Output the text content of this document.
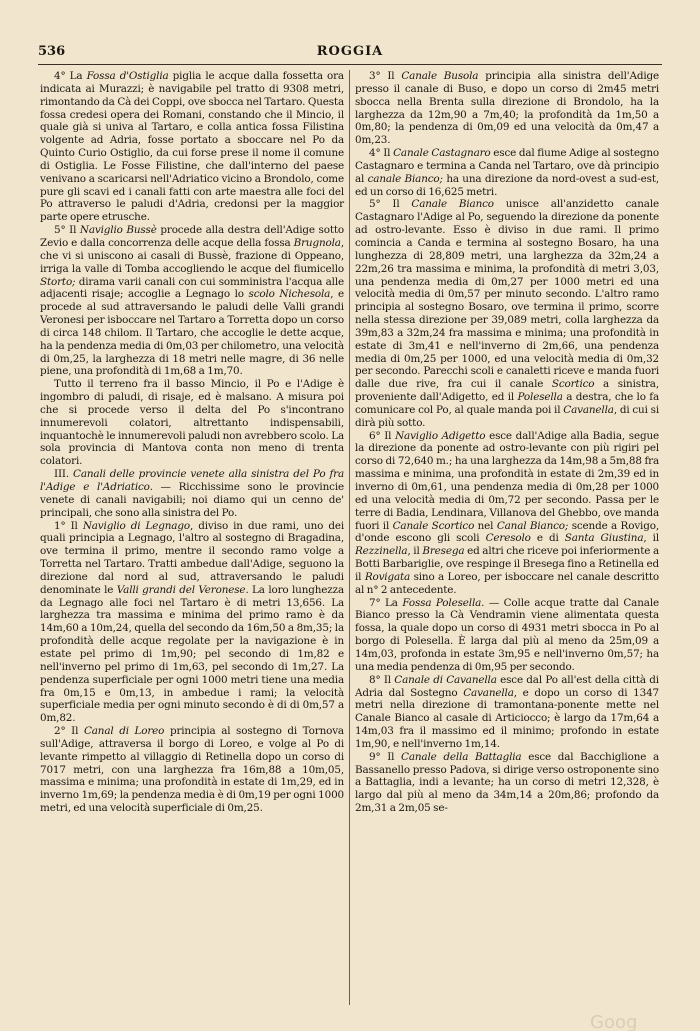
536	ROGGIA

4° La Fossa d'Ostiglia piglia le acque dalla fossetta ora indicata ai Murazzi; è navigabile pel tratto di 9308 metri, rimontando da Cà dei Coppi, ove sbocca nel Tartaro. Questa fossa credesi opera dei Romani, constando che il Mincio, il quale già si univa al Tartaro, e colla antica fossa Filistina volgente ad Adria, fosse portato a sboccare nel Po da Quinto Curio Ostiglio, da cui forse prese il nome il comune di Ostiglia. Le Fosse Filistine, che dall'interno del paese venivano a scaricarsi nell'Adriatico vicino a Brondolo, come pure gli scavi ed i canali fatti con arte maestra alle foci del Po attraverso le paludi d'Adria, credonsi per la maggior parte opere etrusche.

5° Il Naviglio Bussè procede alla destra dell'Adige sotto Zevio e dalla concorrenza delle acque della fossa Brugnola, che vi si uniscono ai casali di Bussè, frazione di Oppeano, irriga la valle di Tomba accogliendo le acque del fiumicello Storto; dirama varii canali con cui somministra l'acqua alle adjacenti risaje; accoglie a Legnago lo scolo Nichesola, e procede al sud attraversando le paludi delle Valli grandi Veronesi per isboccare nel Tartaro a Torretta dopo un corso di circa 148 chilom. Il Tartaro, che accoglie le dette acque, ha la pendenza media di 0m,03 per chilometro, una velocità di 0m,25, la larghezza di 18 metri nelle magre, di 36 nelle piene, una profondità di 1m,68 a 1m,70.

Tutto il terreno fra il basso Mincio, il Po e l'Adige è ingombro di paludi, di risaje, ed è malsano. A misura poi che si procede verso il delta del Po s'incontrano innumerevoli colatori, altrettanto indispensabili, inquantochè le innumerevoli paludi non avrebbero scolo. La sola provincia di Mantova conta non meno di trenta colatori.

III. Canali delle provincie venete alla sinistra del Po fra l'Adige e l'Adriatico. — Ricchissime sono le provincie venete di canali navigabili; noi diamo qui un cenno de' principali, che sono alla sinistra del Po.

1° Il Naviglio di Legnago, diviso in due rami, uno dei quali principia a Legnago, l'altro al sostegno di Bragadina, ove termina il primo, mentre il secondo ramo volge a Torretta nel Tartaro. Tratti ambedue dall'Adige, seguono la direzione dal nord al sud, attraversando le paludi denominate le Valli grandi del Veronese. La loro lunghezza da Legnago alle foci nel Tartaro è di metri 13,656. La larghezza tra massima e minima del primo ramo è da 14m,60 a 10m,24, quella del secondo da 16m,50 a 8m,35; la profondità delle acque regolate per la navigazione è in estate pel primo di 1m,90; pel secondo di 1m,82 e nell'inverno pel primo di 1m,63, pel secondo di 1m,27. La pendenza superficiale per ogni 1000 metri tiene una media fra 0m,15 e 0m,13, in ambedue i rami; la velocità superficiale media per ogni minuto secondo è di di 0m,57 a 0m,82.

2° Il Canal di Loreo principia al sostegno di Tornova sull'Adige, attraversa il borgo di Loreo, e volge al Po di levante rimpetto al villaggio di Retinella dopo un corso di 7017 metri, con una larghezza fra 16m,88 a 10m,05, massima e minima; una profondità in estate di 1m,29, ed in inverno 1m,69; la pendenza media è di 0m,19 per ogni 1000 metri, ed una velocità superficiale di 0m,25.

3° Il Canale Busola principia alla sinistra dell'Adige presso il canale di Buso, e dopo un corso di 2m45 metri sbocca nella Brenta sulla direzione di Brondolo, ha la larghezza da 12m,90 a 7m,40; la profondità da 1m,50 a 0m,80; la pendenza di 0m,09 ed una velocità da 0m,47 a 0m,23.

4° Il Canale Castagnaro esce dal fiume Adige al sostegno Castagnaro e termina a Canda nel Tartaro, ove dà principio al canale Bianco; ha una direzione da nord-ovest a sud-est, ed un corso di 16,625 metri.

5° Il Canale Bianco unisce all'anzidetto canale Castagnaro l'Adige al Po, seguendo la direzione da ponente ad ostro-levante. Esso è diviso in due rami. Il primo comincia a Canda e termina al sostegno Bosaro, ha una lunghezza di 28,809 metri, una larghezza da 32m,24 a 22m,26 tra massima e minima, la profondità di metri 3,03, una pendenza media di 0m,27 per 1000 metri ed una velocità media di 0m,57 per minuto secondo. L'altro ramo principia al sostegno Bosaro, ove termina il primo, scorre nella stessa direzione per 39,089 metri, colla larghezza da 39m,83 a 32m,24 fra massima e minima; una profondità in estate di 3m,41 e nell'inverno di 2m,66, una pendenza media di 0m,25 per 1000, ed una velocità media di 0m,32 per secondo. Parecchi scoli e canaletti riceve e manda fuori dalle due rive, fra cui il canale Scortico a sinistra, proveniente dall'Adigetto, ed il Polesella a destra, che lo fa comunicare col Po, al quale manda poi il Cavanella, di cui si dirà più sotto.

6° Il Naviglio Adigetto esce dall'Adige alla Badia, segue la direzione da ponente ad ostro-levante con più rigiri pel corso di 72,640 m.; ha una larghezza da 14m,98 a 5m,88 fra massima e minima, una profondità in estate di 2m,39 ed in inverno di 0m,61, una pendenza media di 0m,28 per 1000 ed una velocità media di 0m,72 per secondo. Passa per le terre di Badia, Lendinara, Villanova del Ghebbo, ove manda fuori il Canale Scortico nel Canal Bianco; scende a Rovigo, d'onde escono gli scoli Ceresolo e di Santa Giustina, il Rezzinella, il Bresega ed altri che riceve poi inferiormente a Botti Barbariglie, ove respinge il Bresega fino a Retinella ed il Rovigata sino a Loreo, per isboccare nel canale descritto al n° 2 antecedente.

7° La Fossa Polesella. — Colle acque tratte dal Canale Bianco presso la Cà Vendramin viene alimentata questa fossa, la quale dopo un corso di 4931 metri sbocca in Po al borgo di Polesella. È larga dal più al meno da 25m,09 a 14m,03, profonda in estate 3m,95 e nell'inverno 0m,57; ha una media pendenza di 0m,95 per secondo.

8° Il Canale di Cavanella esce dal Po all'est della città di Adria dal Sostegno Cavanella, e dopo un corso di 1347 metri nella direzione di tramontana-ponente mette nel Canale Bianco al casale di Articiocco; è largo da 17m,64 a 14m,03 fra il massimo ed il minimo; profondo in estate 1m,90, e nell'inverno 1m,14.

9° Il Canale della Battaglia esce dal Bacchiglione a Bassanello presso Padova, si dirige verso ostroponente sino a Battaglia, indi a levante; ha un corso di metri 12,328, è largo dal più al meno da 34m,14 a 20m,86; profondo da 2m,31 a 2m,05 se-

Goog
